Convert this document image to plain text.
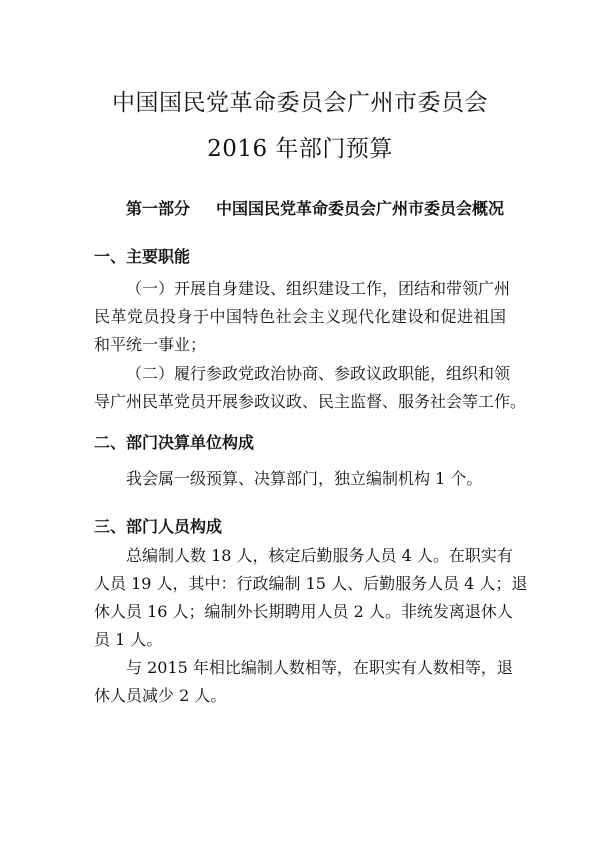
中国国民党革命委员会广州市委员会
2016 年部门预算
第一部分 中国国民党革命委员会广州市委员会概况
一、主要职能
（一）开展自身建设、组织建设工作，团结和带领广州
民革党员投身于中国特色社会主义现代化建设和促进祖国
和平统一事业；
（二）履行参政党政治协商、参政议政职能，组织和领
导广州民革党员开展参政议政、民主监督、服务社会等工作。
二、部门决算单位构成
我会属一级预算、决算部门，独立编制机构 1 个。
三、部门人员构成
总编制人数 18 人，核定后勤服务人员 4 人。在职实有
人员 19 人，其中：行政编制 15 人、后勤服务人员 4 人；退
休人员 16 人；编制外长期聘用人员 2 人。非统发离退休人
员 1 人。
与 2015 年相比编制人数相等，在职实有人数相等，退
休人员减少 2 人。
